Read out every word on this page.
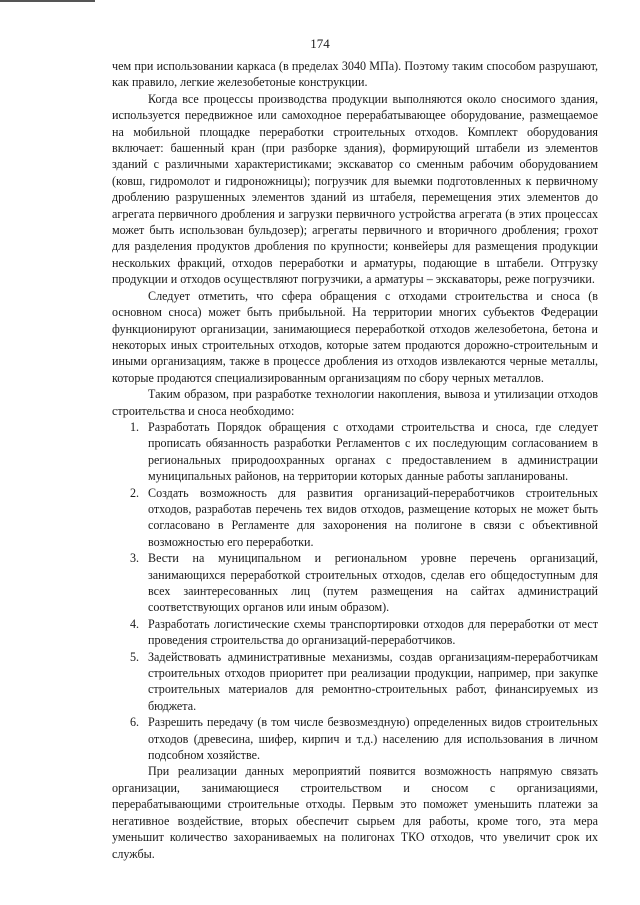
174

чем при использовании каркаса (в пределах 3040 МПа). Поэтому таким способом разрушают, как правило, легкие железобетоные конструкции.

Когда все процессы производства продукции выполняются около сносимого здания, используется передвижное или самоходное перерабатывающее оборудование, размещаемое на мобильной площадке переработки строительных отходов. Комплект оборудования включает: башенный кран (при разборке здания), формирующий штабели из элементов зданий с различными характеристиками; экскаватор со сменным рабочим оборудованием (ковш, гидромолот и гидроножницы); погрузчик для выемки подготовленных к первичному дроблению разрушенных элементов зданий из штабеля, перемещения этих элементов до агрегата первичного дробления и загрузки первичного устройства агрегата (в этих процессах может быть использован бульдозер); агрегаты первичного и вторичного дробления; грохот для разделения продуктов дробления по крупности; конвейеры для размещения продукции нескольких фракций, отходов переработки и арматуры, подающие в штабели. Отгрузку продукции и отходов осуществляют погрузчики, а арматуры – экскаваторы, реже погрузчики.

Следует отметить, что сфера обращения с отходами строительства и сноса (в основном сноса) может быть прибыльной. На территории многих субъектов Федерации функционируют организации, занимающиеся переработкой отходов железобетона, бетона и некоторых иных строительных отходов, которые затем продаются дорожно-строительным и иными организациям, также в процессе дробления из отходов извлекаются черные металлы, которые продаются специализированным организациям по сбору черных металлов.

Таким образом, при разработке технологии накопления, вывоза и утилизации отходов строительства и сноса необходимо:

1. Разработать Порядок обращения с отходами строительства и сноса, где следует прописать обязанность разработки Регламентов с их последующим согласованием в региональных природоохранных органах с предоставлением в администрации муниципальных районов, на территории которых данные работы запланированы.
2. Создать возможность для развития организаций-переработчиков строительных отходов, разработав перечень тех видов отходов, размещение которых не может быть согласовано в Регламенте для захоронения на полигоне в связи с объективной возможностью его переработки.
3. Вести на муниципальном и региональном уровне перечень организаций, занимающихся переработкой строительных отходов, сделав его общедоступным для всех заинтересованных лиц (путем размещения на сайтах администраций соответствующих органов или иным образом).
4. Разработать логистические схемы транспортировки отходов для переработки от мест проведения строительства до организаций-переработчиков.
5. Задействовать административные механизмы, создав организациям-переработчикам строительных отходов приоритет при реализации продукции, например, при закупке строительных материалов для ремонтно-строительных работ, финансируемых из бюджета.
6. Разрешить передачу (в том числе безвозмездную) определенных видов строительных отходов (древесина, шифер, кирпич и т.д.) населению для использования в личном подсобном хозяйстве.

При реализации данных мероприятий появится возможность напрямую связать организации, занимающиеся строительством и сносом с организациями, перерабатывающими строительные отходы. Первым это поможет уменьшить платежи за негативное воздействие, вторых обеспечит сырьем для работы, кроме того, эта мера уменьшит количество захораниваемых на полигонах ТКО отходов, что увеличит срок их службы.
